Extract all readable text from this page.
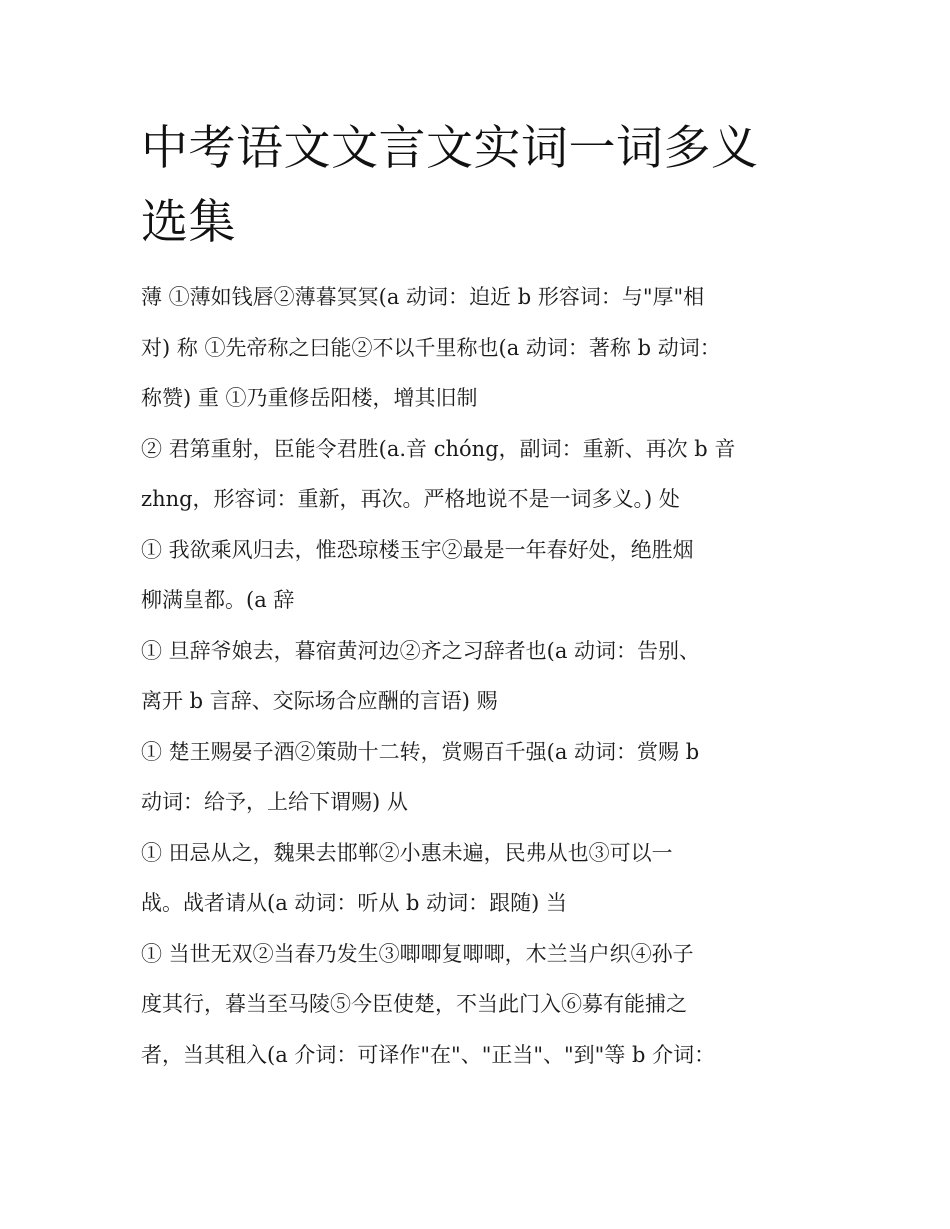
中考语文文言文实词一词多义
选集
薄 ①薄如钱唇②薄暮冥冥(a 动词：迫近 b 形容词：与"厚"相
对) 称 ①先帝称之曰能②不以千里称也(a 动词：著称 b 动词：
称赞) 重 ①乃重修岳阳楼，增其旧制
② 君第重射，臣能令君胜(a.音 chóng，副词：重新、再次 b 音
zhng，形容词：重新，再次。严格地说不是一词多义。) 处
① 我欲乘风归去，惟恐琼楼玉宇②最是一年春好处，绝胜烟
柳满皇都。(a 辞
① 旦辞爷娘去，暮宿黄河边②齐之习辞者也(a 动词：告别、
离开 b 言辞、交际场合应酬的言语) 赐
① 楚王赐晏子酒②策勋十二转，赏赐百千强(a 动词：赏赐 b
动词：给予，上给下谓赐) 从
① 田忌从之，魏果去邯郸②小惠未遍，民弗从也③可以一
战。战者请从(a 动词：听从 b 动词：跟随) 当
① 当世无双②当春乃发生③唧唧复唧唧，木兰当户织④孙子
度其行，暮当至马陵⑤今臣使楚，不当此门入⑥募有能捕之
者，当其租入(a 介词：可译作"在"、"正当"、"到"等 b 介词：
